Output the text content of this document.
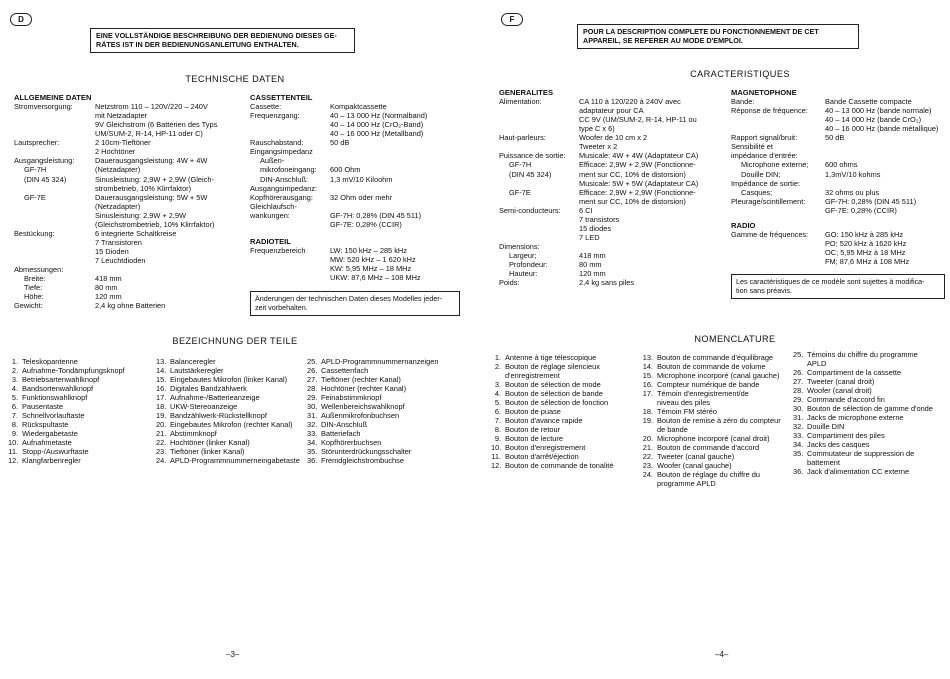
D
EINE VOLLSTÄNDIGE BESCHREIBUNG DER BEDIENUNG DIESES GE-
RÄTES IST IN DER BEDIENUNGSANLEITUNG ENTHALTEN.
TECHNISCHE DATEN
ALLGEMEINE DATEN
Stromversorgung:	Netzstrom 110 – 120V/220 – 240V
mit Netzadapter
9V Gleichstrom (6 Batterien des Typs
UM/SUM-2, R-14, HP-11 oder C)
Lautsprecher:	2 10cm-Tieftöner
2 Hochtöner
Ausgangsleistung:	Dauerausgangsleistung: 4W + 4W
GF-7H	(Netzadapter)
(DIN 45 324)	Sinusleistung: 2,9W + 2,9W (Gleich-
strombetrieb, 10% Klirrfaktor)
GF-7E	Dauerausgangsleistung: 5W + 5W
(Netzadapter)
Sinusleistung: 2,9W + 2,9W
(Gleichstrombetrieb, 10% Klirrfaktor)
Bestückung:	6 integrierte Schaltkreise
7 Transistoren
15 Dioden
7 Leuchtdioden
Abmessungen:
Breite:	418 mm
Tiefe:	80 mm
Höhe:	120 mm
Gewicht:	2,4 kg ohne Batterien
CASSETTENTEIL
Cassette:	Kompaktcassette
Frequenzgang:	40 – 13 000 Hz (Normalband)
40 – 14 000 Hz (CrO₂-Band)
40 – 16 000 Hz (Metallband)
Rauschabstand:	50 dB
Eingangsimpedanz
Außen-
mikrofoneingang:	600 Ohm
DIN-Anschluß:	1,3 mV/10 Kiloohm
Ausgangsimpedanz:
Kopfhörerausgang:	32 Ohm oder mehr
Gleichlaufsch-
wankungen:	GF-7H: 0,28% (DIN 45 511)
GF-7E: 0,28% (CCIR)
RADIOTEIL
Frequenzbereich	LW: 150 kHz – 285 kHz
MW: 520 kHz – 1 620 kHz
KW: 5,95 MHz – 18 MHz
UKW: 87,6 MHz – 108 MHz
Änderungen der technischen Daten dieses Modelles jeder-
zeit vorbehalten.
BEZEICHNUNG DER TEILE
1. Teleskopantenne
2. Aufnahme-Tondämpfungsknopf
3. Betriebsartenwahlknopf
4. Bandsortenwahlknopf
5. Funktionswahlknopf
6. Pausentaste
7. Schnellvorlauftaste
8. Rückspultaste
9. Wiedergabetaste
10. Aufnahmetaste
11. Stopp-/Auswurftaste
12. Klangfarbenregler
13. Balanceregler
14. Lautstärkeregler
15. Eingebautes Mikrofon (linker Kanal)
16. Digitales Bandzählwerk
17. Aufnahme-/Batterieanzeige
18. UKW-Stereoanzeige
19. Bandzählwerk-Rückstellknopf
20. Eingebautes Mikrofon (rechter Kanal)
21. Abstimmknopf
22. Hochtöner (linker Kanal)
23. Tieftöner (linker Kanal)
24. APLD-Programmnummerneingabetaste
25. APLD-Programmnummernanzeigen
26. Cassettenfach
27. Tieftöner (rechter Kanal)
28. Hochtöner (rechter Kanal)
29. Feinabstimmknopf
30. Wellenbereichswahlknopf
31. Außenmikrofonbuchsen
32. DIN-Anschluß
33. Batteriefach
34. Kopfhörerbuchsen
35. Störunterdrückungsschalter
36. Fremdgleichstrombuchse
–3–
F
POUR LA DESCRIPTION COMPLETE DU FONCTIONNEMENT DE CET
APPAREIL, SE REFERER AU MODE D'EMPLOI.
CARACTERISTIQUES
GENERALITES
Alimentation:	CA 110 à 120/220 à 240V avec
adaptateur pour CA
CC 9V (UM/SUM-2, R-14, HP-11 ou
type C x 6)
Haut-parleurs:	Woofer de 10 cm x 2
Tweeter x 2
Puissance de sortie:	Musicale: 4W + 4W (Adaptateur CA)
GF-7H	Efficace: 2,9W + 2,9W (Fonctionne-
(DIN 45 324)	ment sur CC, 10% de distorsion)
Musicale: 5W + 5W (Adaptateur CA)
GF-7E	Efficace: 2,9W + 2,9W (Fonctionne-
ment sur CC, 10% de distorsion)
Semi-conducteurs:	6 CI
7 transistors
15 diodes
7 LED
Dimensions:
Largeur;	418 mm
Profondeur:	80 mm
Hauteur:	120 mm
Poids:	2,4 kg sans piles
MAGNETOPHONE
Bande:	Bande Cassette compacte
Réponse de fréquence:	40 – 13 000 Hz (bande normale)
40 – 14 000 Hz (bande CrO₂)
40 – 16 000 Hz (bande métallique)
Rapport signal/bruit:	50 dB
Sensibilité et
impédance d'entrée:
Microphone externe;	600 ohms
Douille DIN;	1,3mV/10 kohms
Impédance de sortie:
Casques;	32 ohms ou plus
Pleurage/scintillement:	GF-7H: 0,28% (DIN 45 511)
GF-7E: 0,28% (CCIR)
RADIO
Gamme de fréquences:	GO: 150 kHz à 285 kHz
PO; 520 kHz à 1620 kHz
OC; 5,95 MHz à 18 MHz
FM; 87,6 MHz à 108 MHz
Les caractéristiques de ce modèle sont sujettes à modifica-
tion sans préavis.
NOMENCLATURE
1. Antenne à tige télescopique
2. Bouton de réglage silencieux
d'enregistrement
3. Bouton de sélection de mode
4. Bouton de sélection de bande
5. Bouton de sélection de fonction
6. Bouton de puase
7. Bouton d'avance rapide
8. Bouton de retour
9. Bouton de lecture
10. Bouton d'enregistrement
11. Bouton d'arrêt/éjection
12. Bouton de commande de tonalité
13. Bouton de commande d'équilibrage
14. Bouton de commande de volume
15. Microphone incorporé (canal gauche)
16. Compteur numérique de bande
17. Témoin d'enregistrement/de
niveau des piles
18. Témoin FM stéréo
19. Bouton de remise à zéro du compteur
de bande
20. Microphone incorporé (canal droit)
21. Bouton de commande d'accord
22. Tweeter (canal gauche)
23. Woofer (canal gauche)
24. Bouton de réglage du chiffre du
programme APLD
25. Témoins du chiffre du programme
APLD
26. Compartiment de la cassette
27. Tweeter (canal droit)
28. Woofer (canal droit)
29. Commande d'accord fin
30. Bouton de sélection de gamme d'onde
31. Jacks de microphone externe
32. Douille DIN
33. Compartiment des piles
34. Jacks des casques
35. Commutateur de suppression de
battement
36. Jack d'alimentation CC externe
–4–
